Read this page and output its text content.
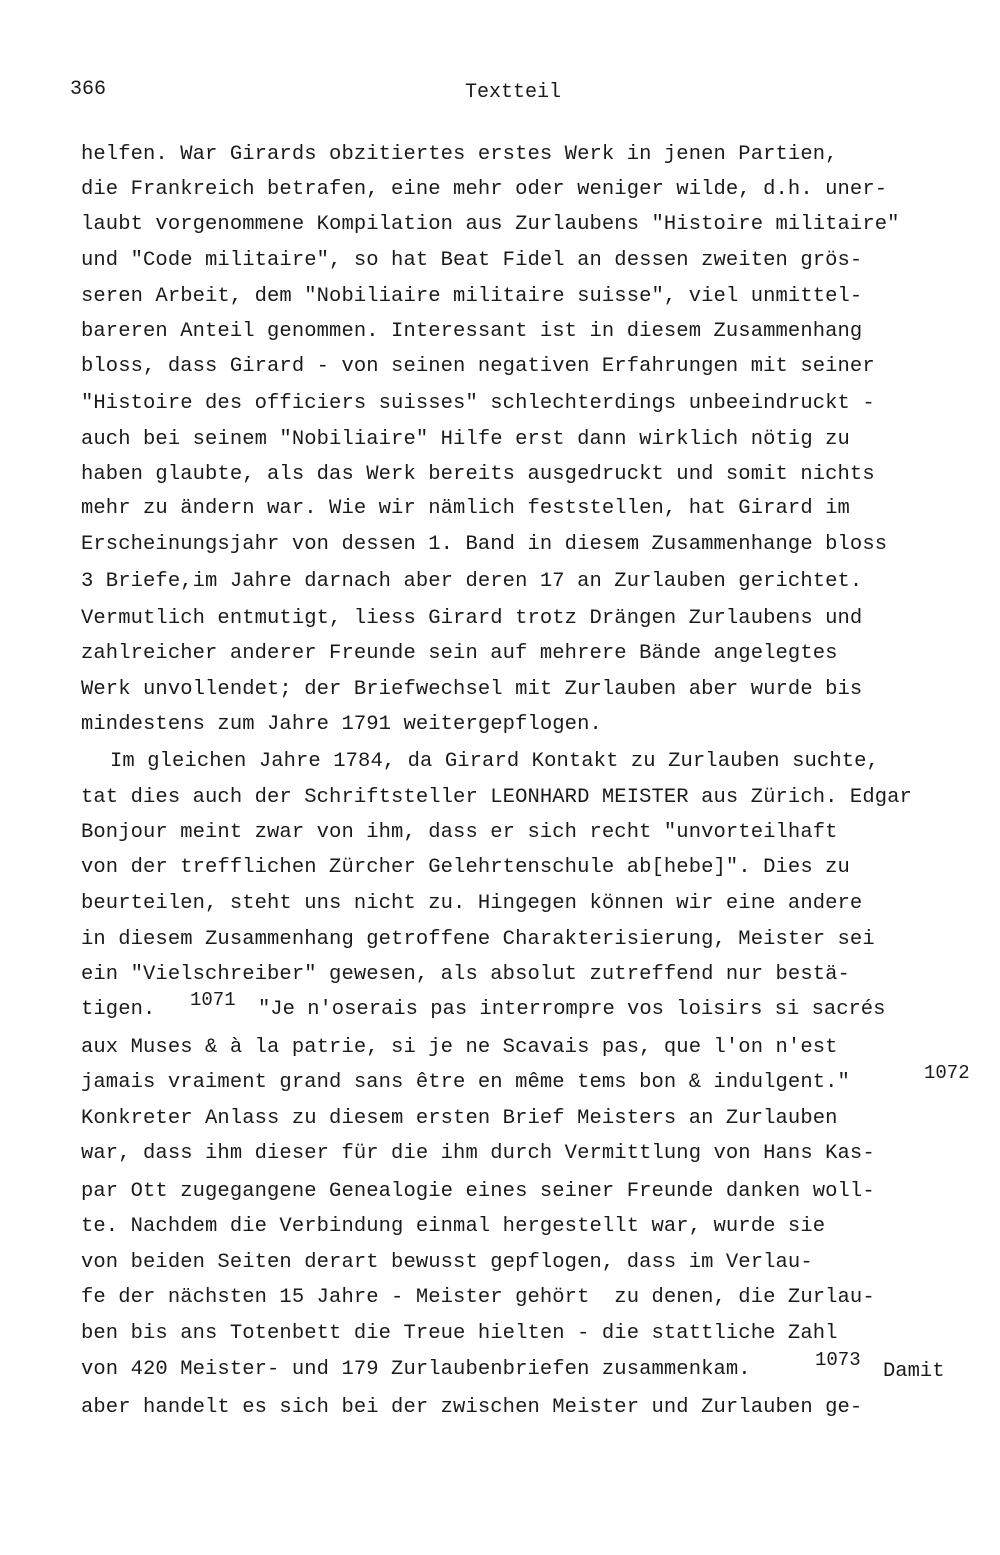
366	Textteil
helfen. War Girards obzitiertes erstes Werk in jenen Partien,
die Frankreich betrafen, eine mehr oder weniger wilde, d.h. uner-
laubt vorgenommene Kompilation aus Zurlaubens "Histoire militaire"
und "Code militaire", so hat Beat Fidel an dessen zweiten grös-
seren Arbeit, dem "Nobiliaire militaire suisse", viel unmittel-
bareren Anteil genommen. Interessant ist in diesem Zusammenhang
bloss, dass Girard - von seinen negativen Erfahrungen mit seiner
"Histoire des officiers suisses" schlechterdings unbeeindruckt -
auch bei seinem "Nobiliaire" Hilfe erst dann wirklich nötig zu
haben glaubte, als das Werk bereits ausgedruckt und somit nichts
mehr zu ändern war. Wie wir nämlich feststellen, hat Girard im
Erscheinungsjahr von dessen 1. Band in diesem Zusammenhange bloss
3 Briefe,im Jahre darnach aber deren 17 an Zurlauben gerichtet.
Vermutlich entmutigt, liess Girard trotz Drängen Zurlaubens und
zahlreicher anderer Freunde sein auf mehrere Bände angelegtes
Werk unvollendet; der Briefwechsel mit Zurlauben aber wurde bis
mindestens zum Jahre 1791 weitergepflogen.
Im gleichen Jahre 1784, da Girard Kontakt zu Zurlauben suchte,
tat dies auch der Schriftsteller LEONHARD MEISTER aus Zürich. Edgar
Bonjour meint zwar von ihm, dass er sich recht "unvorteilhaft
von der trefflichen Zürcher Gelehrtenschule ab[hebe]". Dies zu
beurteilen, steht uns nicht zu. Hingegen können wir eine andere
in diesem Zusammenhang getroffene Charakterisierung, Meister sei
ein "Vielschreiber" gewesen, als absolut zutreffend nur bestä-
tigen. 1071 "Je n'oserais pas interrompre vos loisirs si sacrés
aux Muses & à la patrie, si je ne Scavais pas, que l'on n'est
jamais vraiment grand sans être en même tems bon & indulgent."	1072
Konkreter Anlass zu diesem ersten Brief Meisters an Zurlauben
war, dass ihm dieser für die ihm durch Vermittlung von Hans Kas-
par Ott zugegangene Genealogie eines seiner Freunde danken woll-
te. Nachdem die Verbindung einmal hergestellt war, wurde sie
von beiden Seiten derart bewusst gepflogen, dass im Verlau-
fe der nächsten 15 Jahre - Meister gehört  zu denen, die Zurlau-
ben bis ans Totenbett die Treue hielten - die stattliche Zahl
von 420 Meister- und 179 Zurlaubenbriefen zusammenkam.	1073 Damit
aber handelt es sich bei der zwischen Meister und Zurlauben ge-
